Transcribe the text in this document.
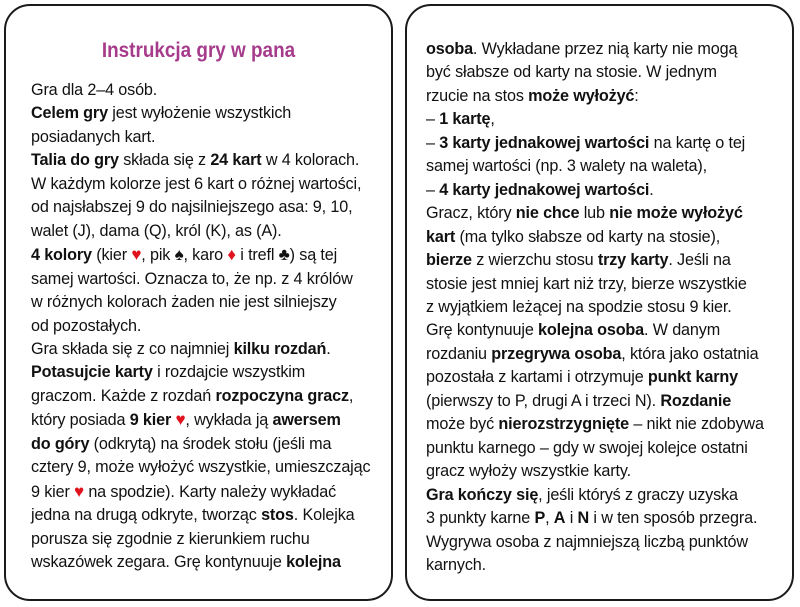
Instrukcja gry w pana
Gra dla 2–4 osób.
Celem gry jest wyłożenie wszystkich
posiadanych kart.
Talia do gry składa się z 24 kart w 4 kolorach.
W każdym kolorze jest 6 kart o różnej wartości,
od najsłabszej 9 do najsilniejszego asa: 9, 10,
walet (J), dama (Q), król (K), as (A).
4 kolory (kier ♥, pik ♠, karo ♦ i trefl ♣) są tej
samej wartości. Oznacza to, że np. z 4 królów
w różnych kolorach żaden nie jest silniejszy
od pozostałych.
Gra składa się z co najmniej kilku rozdań.
Potasujcie karty i rozdajcie wszystkim
graczom. Każde z rozdań rozpoczyna gracz,
który posiada 9 kier ♥, wykłada ją awersem
do góry (odkrytą) na środek stołu (jeśli ma
cztery 9, może wyłożyć wszystkie, umieszczając
9 kier ♥ na spodzie). Karty należy wykładać
jedna na drugą odkryte, tworząc stos. Kolejka
porusza się zgodnie z kierunkiem ruchu
wskazówek zegara. Grę kontynuuje kolejna
osoba. Wykładane przez nią karty nie mogą
być słabsze od karty na stosie. W jednym
rzucie na stos może wyłożyć:
– 1 kartę,
– 3 karty jednakowej wartości na kartę o tej
samej wartości (np. 3 walety na waleta),
– 4 karty jednakowej wartości.
Gracz, który nie chce lub nie może wyłożyć
kart (ma tylko słabsze od karty na stosie),
bierze z wierzchu stosu trzy karty. Jeśli na
stosie jest mniej kart niż trzy, bierze wszystkie
z wyjątkiem leżącej na spodzie stosu 9 kier.
Grę kontynuuje kolejna osoba. W danym
rozdaniu przegrywa osoba, która jako ostatnia
pozostała z kartami i otrzymuje punkt karny
(pierwszy to P, drugi A i trzeci N). Rozdanie
może być nierozstrzygnięte – nikt nie zdobywa
punktu karnego – gdy w swojej kolejce ostatni
gracz wyłoży wszystkie karty.
Gra kończy się, jeśli któryś z graczy uzyska
3 punkty karne P, A i N i w ten sposób przegra.
Wygrywa osoba z najmniejszą liczbą punktów
karnych.
